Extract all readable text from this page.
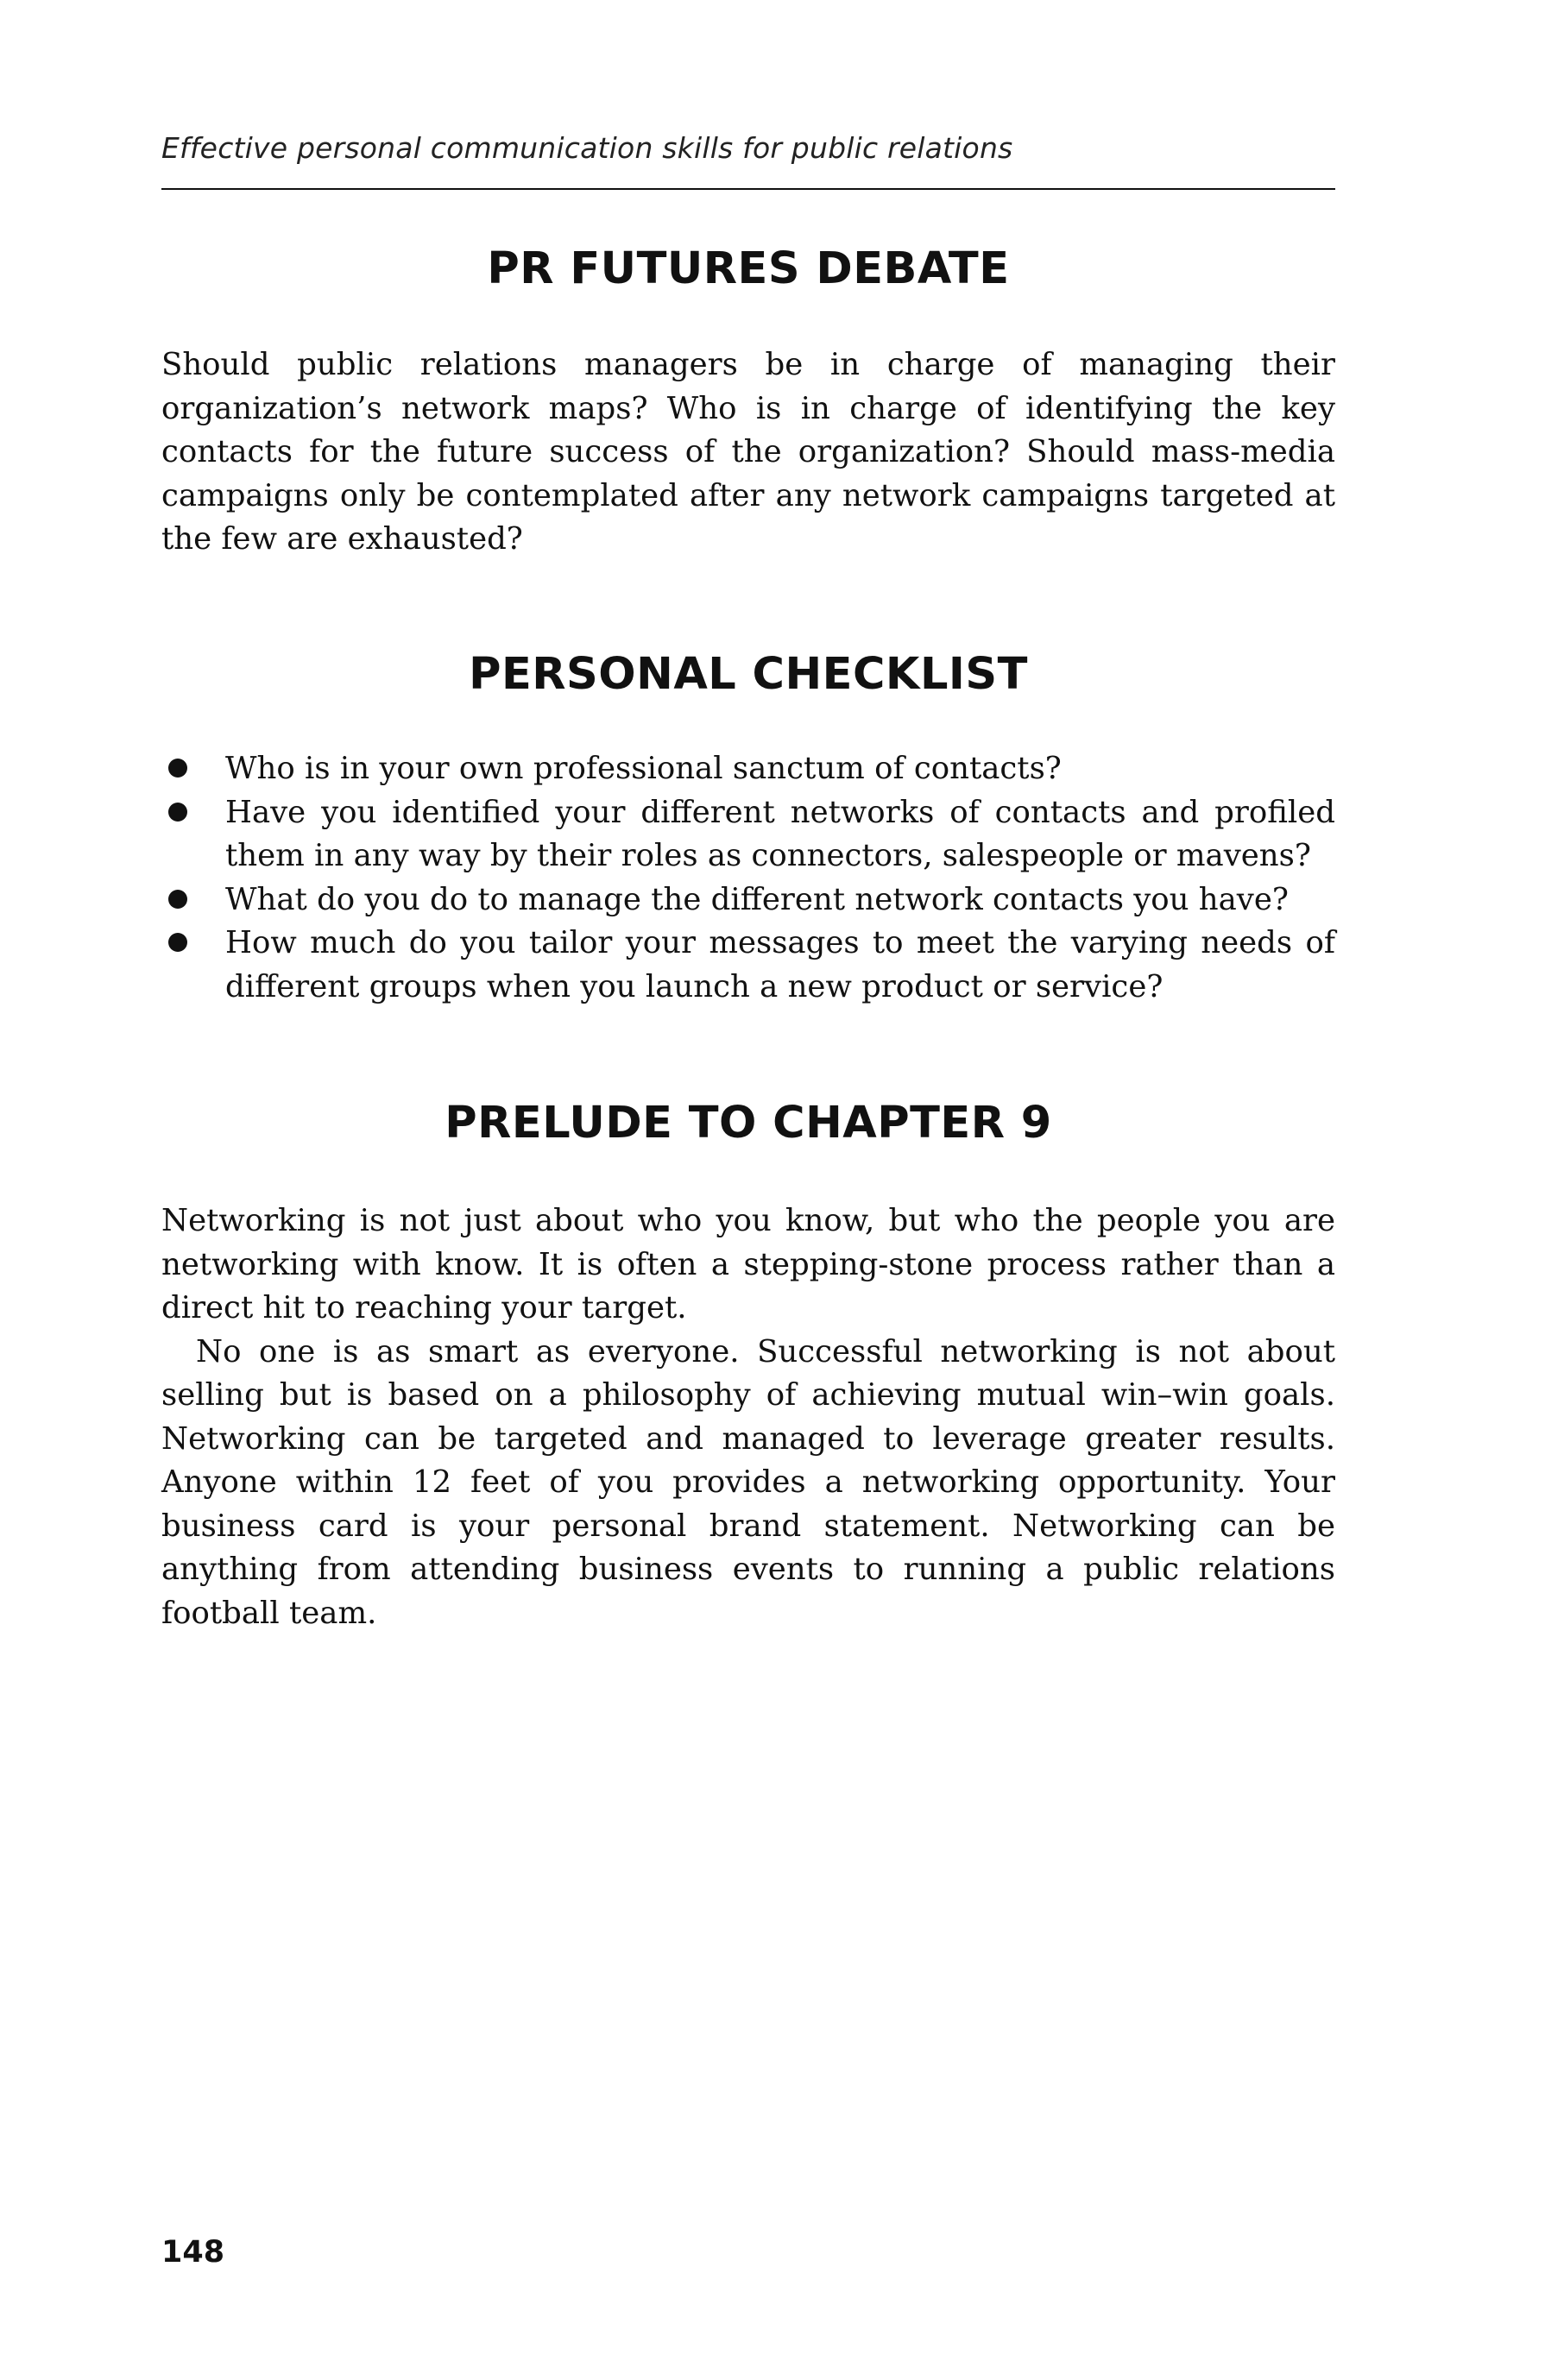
Effective personal communication skills for public relations
PR FUTURES DEBATE

Should public relations managers be in charge of managing their organization’s network maps? Who is in charge of identifying the key contacts for the future success of the organization? Should mass-media campaigns only be contemplated after any network campaigns targeted at the few are exhausted?

PERSONAL CHECKLIST
Who is in your own professional sanctum of contacts?
Have you identified your different networks of contacts and profiled them in any way by their roles as connectors, salespeople or mavens?
What do you do to manage the different network contacts you have?
How much do you tailor your messages to meet the varying needs of different groups when you launch a new product or service?
PRELUDE TO CHAPTER 9

Networking is not just about who you know, but who the people you are networking with know. It is often a stepping-stone process rather than a direct hit to reaching your target.

No one is as smart as everyone. Successful networking is not about selling but is based on a philosophy of achieving mutual win–win goals. Networking can be targeted and managed to leverage greater results. Anyone within 12 feet of you provides a networking opportunity. Your business card is your personal brand statement. Networking can be anything from attending business events to running a public relations football team.

148
